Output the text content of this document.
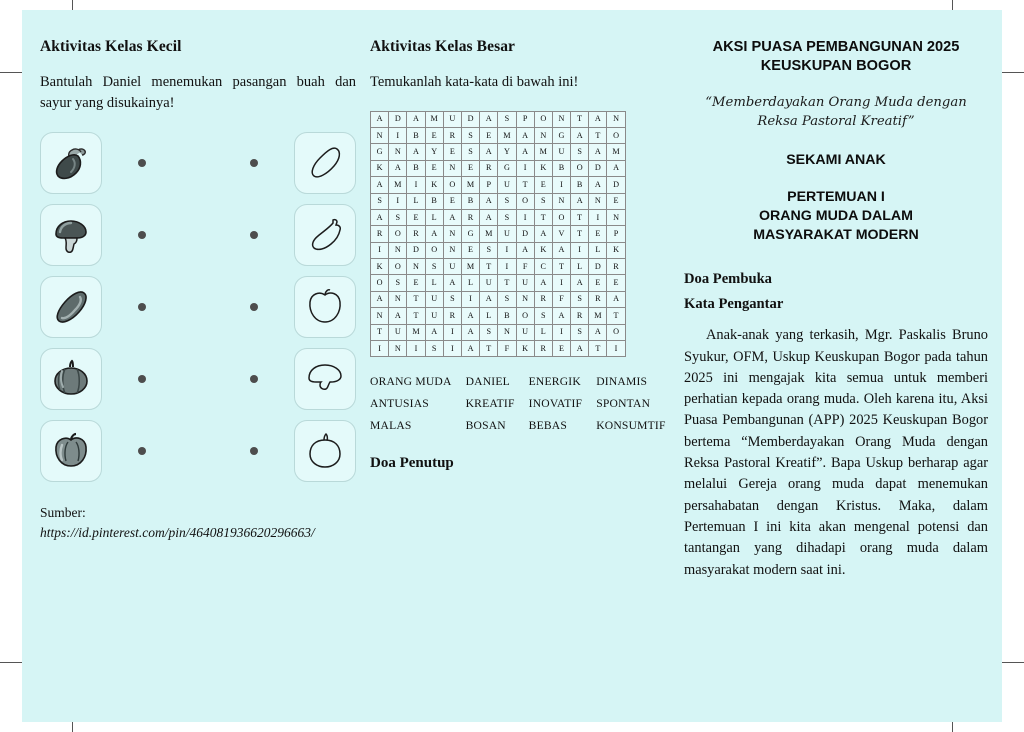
Aktivitas Kelas Kecil

Bantulah Daniel menemukan pasangan buah dan sayur yang disukainya!

Sumber: https://id.pinterest.com/pin/464081936620296663/
Aktivitas Kelas Besar

Temukanlah kata-kata di bawah ini!

A	D	A	M	U	D	A	S	P	O	N	T	A	N
N	I	B	E	R	S	E	M	A	N	G	A	T	O
G	N	A	Y	E	S	A	Y	A	M	U	S	A	M
K	A	B	E	N	E	R	G	I	K	B	O	D	A
A	M	I	K	O	M	P	U	T	E	I	B	A	D
S	I	L	B	E	B	A	S	O	S	N	A	N	E
A	S	E	L	A	R	A	S	I	T	O	T	I	N
R	O	R	A	N	G	M	U	D	A	V	T	E	P
I	N	D	O	N	E	S	I	A	K	A	I	L	K
K	O	N	S	U	M	T	I	F	C	T	L	D	R
O	S	E	L	A	L	U	T	U	A	I	A	E	E
A	N	T	U	S	I	A	S	N	R	F	S	R	A
N	A	T	U	R	A	L	B	O	S	A	R	M	T
T	U	M	A	I	A	S	N	U	L	I	S	A	O
I	N	I	S	I	A	T	F	K	R	E	A	T	I
ORANG MUDA	DANIEL	ENERGIK	DINAMIS
ANTUSIAS	KREATIF	INOVATIF	SPONTAN
MALAS	BOSAN	BEBAS	KONSUMTIF
Doa Penutup
AKSI PUASA PEMBANGUNAN 2025
KEUSKUPAN BOGOR
“Memberdayakan Orang Muda dengan
Reksa Pastoral Kreatif”
SEKAMI ANAK
PERTEMUAN I
ORANG MUDA DALAM
MASYARAKAT MODERN
Doa Pembuka
Kata Pengantar

Anak-anak yang terkasih, Mgr. Paskalis Bruno Syukur, OFM, Uskup Keuskupan Bogor pada tahun 2025 ini mengajak kita semua untuk memberi perhatian kepada orang muda. Oleh karena itu, Aksi Puasa Pembangunan (APP) 2025 Keuskupan Bogor bertema “Memberdayakan Orang Muda dengan Reksa Pastoral Kreatif”. Bapa Uskup berharap agar melalui Gereja orang muda dapat menemukan persahabatan dengan Kristus. Maka, dalam Pertemuan I ini kita akan mengenal potensi dan tantangan yang dihadapi orang muda dalam masyarakat modern saat ini.
